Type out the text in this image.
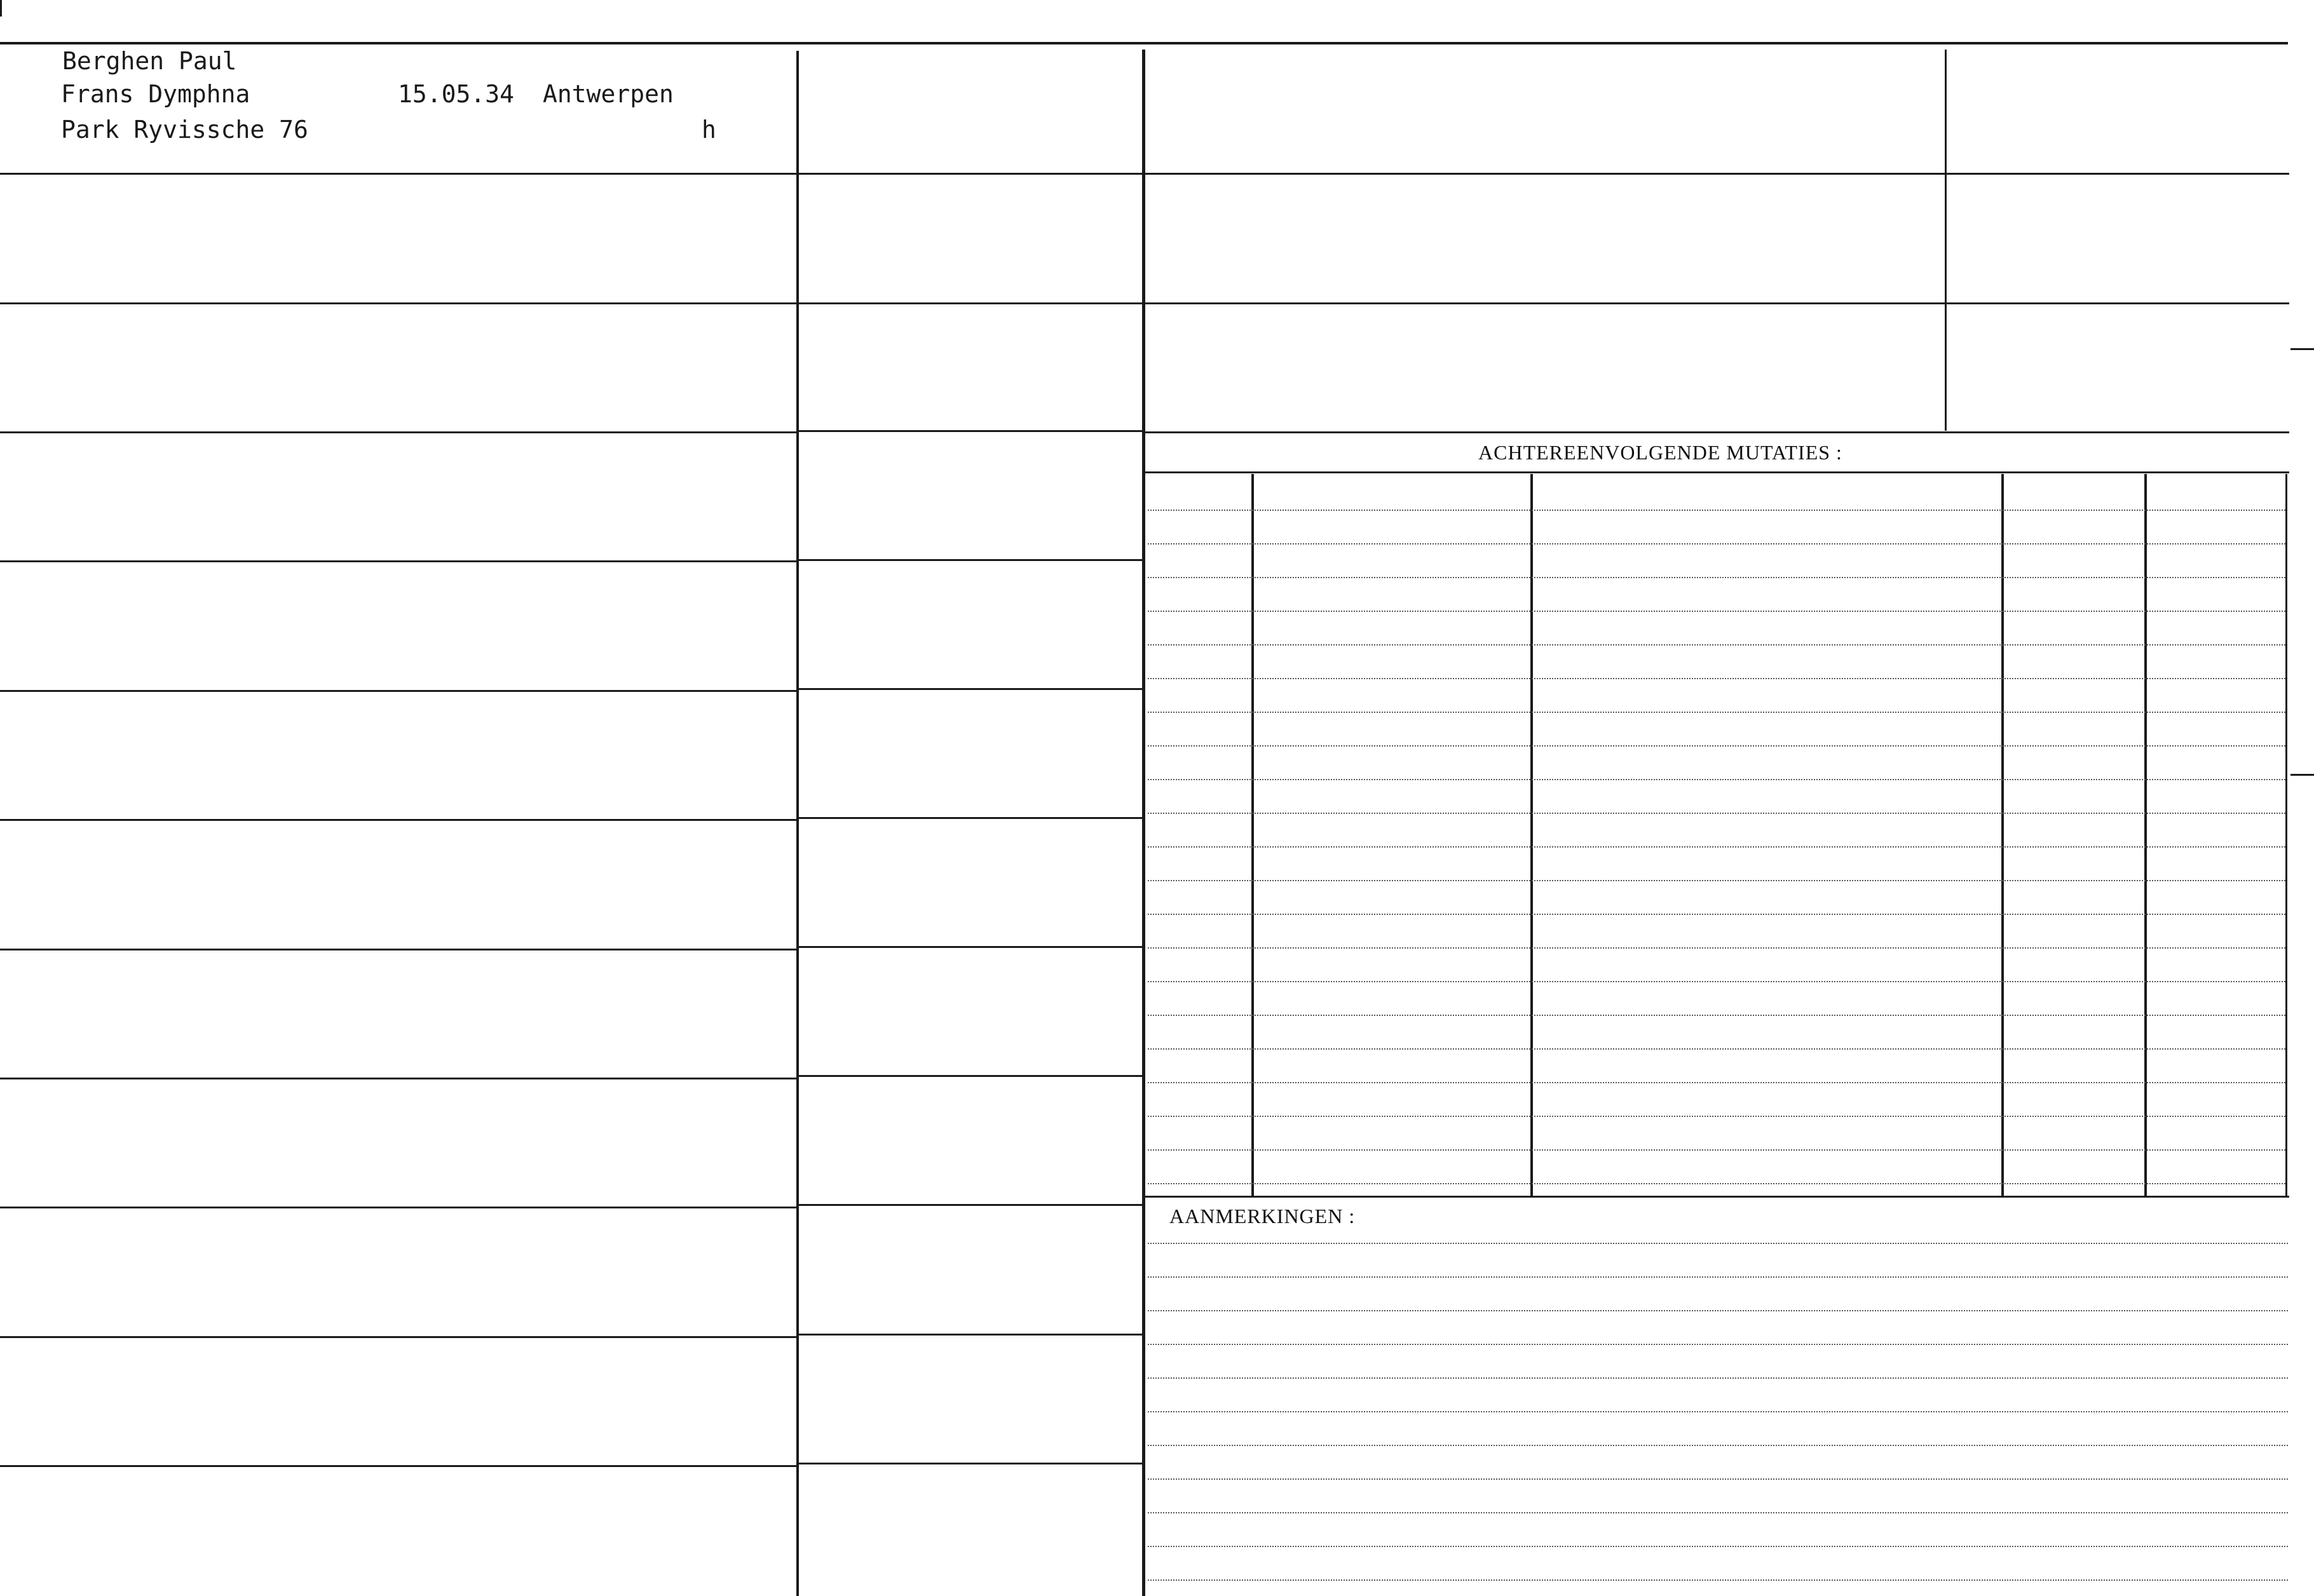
Berghen Paul
Frans Dymphna	15.05.34 Antwerpen
Park Ryvissche 76	h
ACHTEREENVOLGENDE MUTATIES :
AANMERKINGEN :
